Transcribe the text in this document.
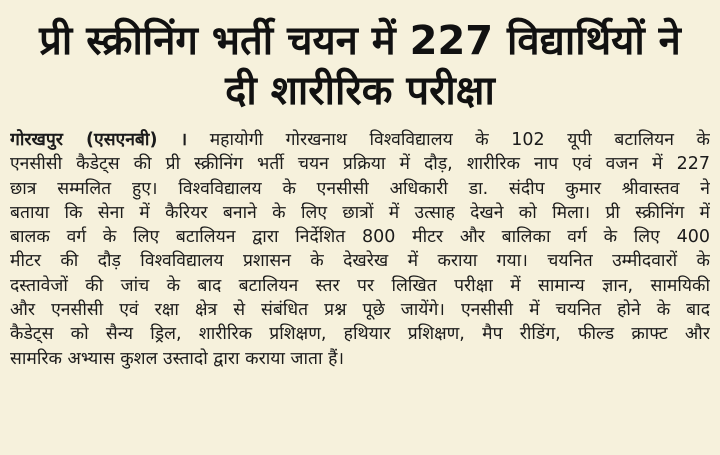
प्री स्क्रीनिंग भर्ती चयन में 227 विद्यार्थियों ने
दी शारीरिक परीक्षा
गोरखपुर (एसएनबी) । महायोगी गोरखनाथ विश्वविद्यालय के 102 यूपी बटालियन के
एनसीसी कैडेट्स की प्री स्क्रीनिंग भर्ती चयन प्रक्रिया में दौड़, शारीरिक नाप एवं वजन में 227
छात्र सम्मलित हुए। विश्वविद्यालय के एनसीसी अधिकारी डा. संदीप कुमार श्रीवास्तव ने
बताया कि सेना में कैरियर बनाने के लिए छात्रों में उत्साह देखने को मिला। प्री स्क्रीनिंग में
बालक वर्ग के लिए बटालियन द्वारा निर्देशित 800 मीटर और बालिका वर्ग के लिए 400
मीटर की दौड़ विश्वविद्यालय प्रशासन के देखरेख में कराया गया। चयनित उम्मीदवारों के
दस्तावेजों की जांच के बाद बटालियन स्तर पर लिखित परीक्षा में सामान्य ज्ञान, सामयिकी
और एनसीसी एवं रक्षा क्षेत्र से संबंधित प्रश्न पूछे जायेंगे। एनसीसी में चयनित होने के बाद
कैडेट्स को सैन्य ड्रिल, शारीरिक प्रशिक्षण, हथियार प्रशिक्षण, मैप रीडिंग, फील्ड क्राफ्ट और
सामरिक अभ्यास कुशल उस्तादो द्वारा कराया जाता हैं।
